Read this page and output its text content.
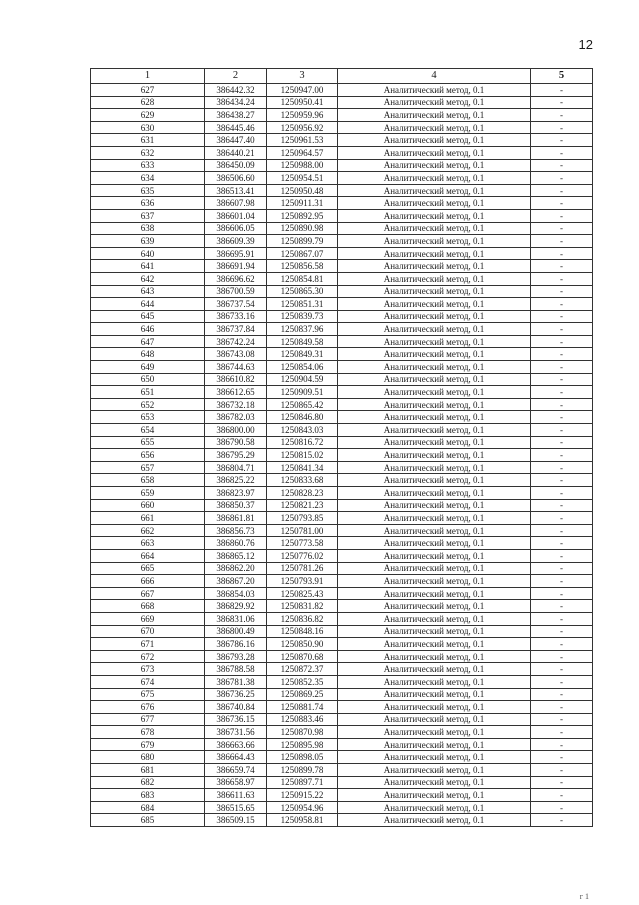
12
1	2	3	4	5
627	386442.32	1250947.00	Аналитический метод, 0.1	-
628	386434.24	1250950.41	Аналитический метод, 0.1	-
629	386438.27	1250959.96	Аналитический метод, 0.1	-
630	386445.46	1250956.92	Аналитический метод, 0.1	-
631	386447.40	1250961.53	Аналитический метод, 0.1	-
632	386440.21	1250964.57	Аналитический метод, 0.1	-
633	386450.09	1250988.00	Аналитический метод, 0.1	-
634	386506.60	1250954.51	Аналитический метод, 0.1	-
635	386513.41	1250950.48	Аналитический метод, 0.1	-
636	386607.98	1250911.31	Аналитический метод, 0.1	-
637	386601.04	1250892.95	Аналитический метод, 0.1	-
638	386606.05	1250890.98	Аналитический метод, 0.1	-
639	386609.39	1250899.79	Аналитический метод, 0.1	-
640	386695.91	1250867.07	Аналитический метод, 0.1	-
641	386691.94	1250856.58	Аналитический метод, 0.1	-
642	386696.62	1250854.81	Аналитический метод, 0.1	-
643	386700.59	1250865.30	Аналитический метод, 0.1	-
644	386737.54	1250851.31	Аналитический метод, 0.1	-
645	386733.16	1250839.73	Аналитический метод, 0.1	-
646	386737.84	1250837.96	Аналитический метод, 0.1	-
647	386742.24	1250849.58	Аналитический метод, 0.1	-
648	386743.08	1250849.31	Аналитический метод, 0.1	-
649	386744.63	1250854.06	Аналитический метод, 0.1	-
650	386610.82	1250904.59	Аналитический метод, 0.1	-
651	386612.65	1250909.51	Аналитический метод, 0.1	-
652	386732.18	1250865.42	Аналитический метод, 0.1	-
653	386782.03	1250846.80	Аналитический метод, 0.1	-
654	386800.00	1250843.03	Аналитический метод, 0.1	-
655	386790.58	1250816.72	Аналитический метод, 0.1	-
656	386795.29	1250815.02	Аналитический метод, 0.1	-
657	386804.71	1250841.34	Аналитический метод, 0.1	-
658	386825.22	1250833.68	Аналитический метод, 0.1	-
659	386823.97	1250828.23	Аналитический метод, 0.1	-
660	386850.37	1250821.23	Аналитический метод, 0.1	-
661	386861.81	1250793.85	Аналитический метод, 0.1	-
662	386856.73	1250781.00	Аналитический метод, 0.1	-
663	386860.76	1250773.58	Аналитический метод, 0.1	-
664	386865.12	1250776.02	Аналитический метод, 0.1	-
665	386862.20	1250781.26	Аналитический метод, 0.1	-
666	386867.20	1250793.91	Аналитический метод, 0.1	-
667	386854.03	1250825.43	Аналитический метод, 0.1	-
668	386829.92	1250831.82	Аналитический метод, 0.1	-
669	386831.06	1250836.82	Аналитический метод, 0.1	-
670	386800.49	1250848.16	Аналитический метод, 0.1	-
671	386786.16	1250850.90	Аналитический метод, 0.1	-
672	386793.28	1250870.68	Аналитический метод, 0.1	-
673	386788.58	1250872.37	Аналитический метод, 0.1	-
674	386781.38	1250852.35	Аналитический метод, 0.1	-
675	386736.25	1250869.25	Аналитический метод, 0.1	-
676	386740.84	1250881.74	Аналитический метод, 0.1	-
677	386736.15	1250883.46	Аналитический метод, 0.1	-
678	386731.56	1250870.98	Аналитический метод, 0.1	-
679	386663.66	1250895.98	Аналитический метод, 0.1	-
680	386664.43	1250898.05	Аналитический метод, 0.1	-
681	386659.74	1250899.78	Аналитический метод, 0.1	-
682	386658.97	1250897.71	Аналитический метод, 0.1	-
683	386611.63	1250915.22	Аналитический метод, 0.1	-
684	386515.65	1250954.96	Аналитический метод, 0.1	-
685	386509.15	1250958.81	Аналитический метод, 0.1	-
г 1
